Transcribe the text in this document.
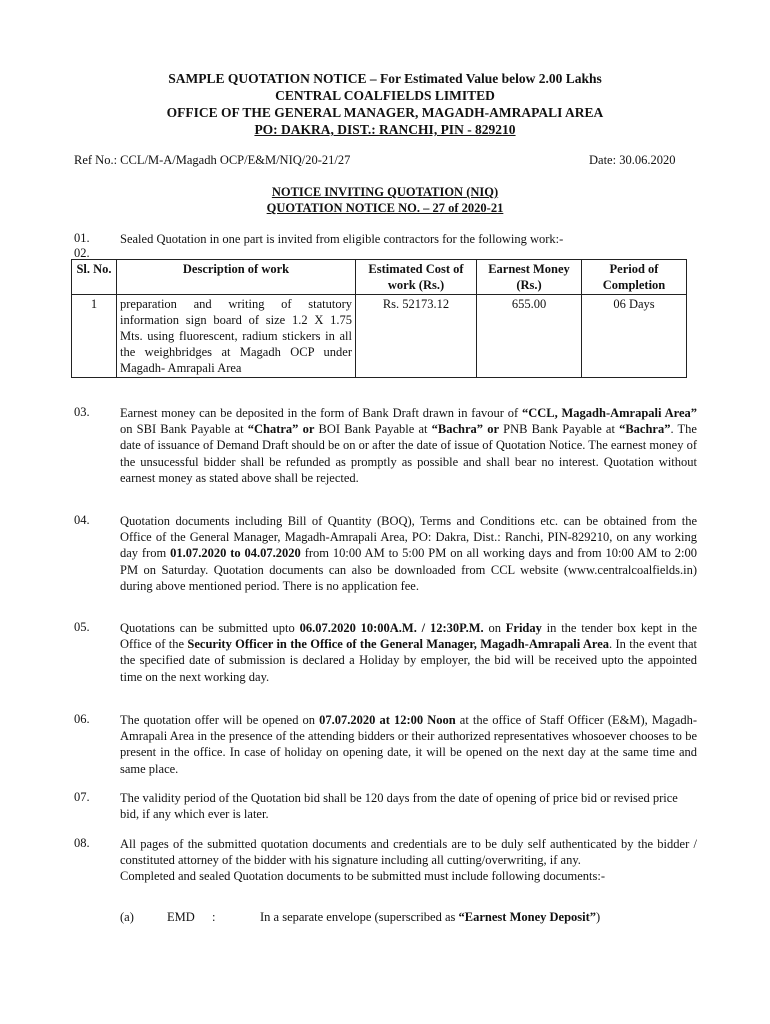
SAMPLE QUOTATION NOTICE – For Estimated Value below 2.00 Lakhs
CENTRAL COALFIELDS LIMITED
OFFICE OF THE GENERAL MANAGER, MAGADH-AMRAPALI AREA
PO: DAKRA, DIST.: RANCHI, PIN - 829210
Ref No.: CCL/M-A/Magadh OCP/E&M/NIQ/20-21/27	Date: 30.06.2020
NOTICE INVITING QUOTATION (NIQ)
QUOTATION NOTICE NO. – 27 of 2020-21
01. Sealed Quotation in one part is invited from eligible contractors for the following work:-
02.
Sl. No.	Description of work	Estimated Cost of work (Rs.)	Earnest Money (Rs.)	Period of Completion
1	preparation and writing of statutory information sign board of size 1.2 X 1.75 Mts. using fluorescent, radium stickers in all the weighbridges at Magadh OCP under Magadh- Amrapali Area	Rs. 52173.12	655.00	06 Days
03. Earnest money can be deposited in the form of Bank Draft drawn in favour of “CCL, Magadh-Amrapali Area” on SBI Bank Payable at “Chatra” or BOI Bank Payable at “Bachra” or PNB Bank Payable at “Bachra”. The date of issuance of Demand Draft should be on or after the date of issue of Quotation Notice. The earnest money of the unsucessful bidder shall be refunded as promptly as possible and shall bear no interest. Quotation without earnest money as stated above shall be rejected.
04. Quotation documents including Bill of Quantity (BOQ), Terms and Conditions etc. can be obtained from the Office of the General Manager, Magadh-Amrapali Area, PO: Dakra, Dist.: Ranchi, PIN-829210, on any working day from 01.07.2020 to 04.07.2020 from 10:00 AM to 5:00 PM on all working days and from 10:00 AM to 2:00 PM on Saturday. Quotation documents can also be downloaded from CCL website (www.centralcoalfields.in) during above mentioned period. There is no application fee.
05. Quotations can be submitted upto 06.07.2020 10:00A.M. / 12:30P.M. on Friday in the tender box kept in the Office of the Security Officer in the Office of the General Manager, Magadh-Amrapali Area. In the event that the specified date of submission is declared a Holiday by employer, the bid will be received upto the appointed time on the next working day.
06. The quotation offer will be opened on 07.07.2020 at 12:00 Noon at the office of Staff Officer (E&M), Magadh-Amrapali Area in the presence of the attending bidders or their authorized representatives whosoever chooses to be present in the office. In case of holiday on opening date, it will be opened on the next day at the same time and same place.
07. The validity period of the Quotation bid shall be 120 days from the date of opening of price bid or revised price bid, if any which ever is later.
08. All pages of the submitted quotation documents and credentials are to be duly self authenticated by the bidder / constituted attorney of the bidder with his signature including all cutting/overwriting, if any.
Completed and sealed Quotation documents to be submitted must include following documents:-
(a)	EMD :	In a separate envelope (superscribed as “Earnest Money Deposit”)
